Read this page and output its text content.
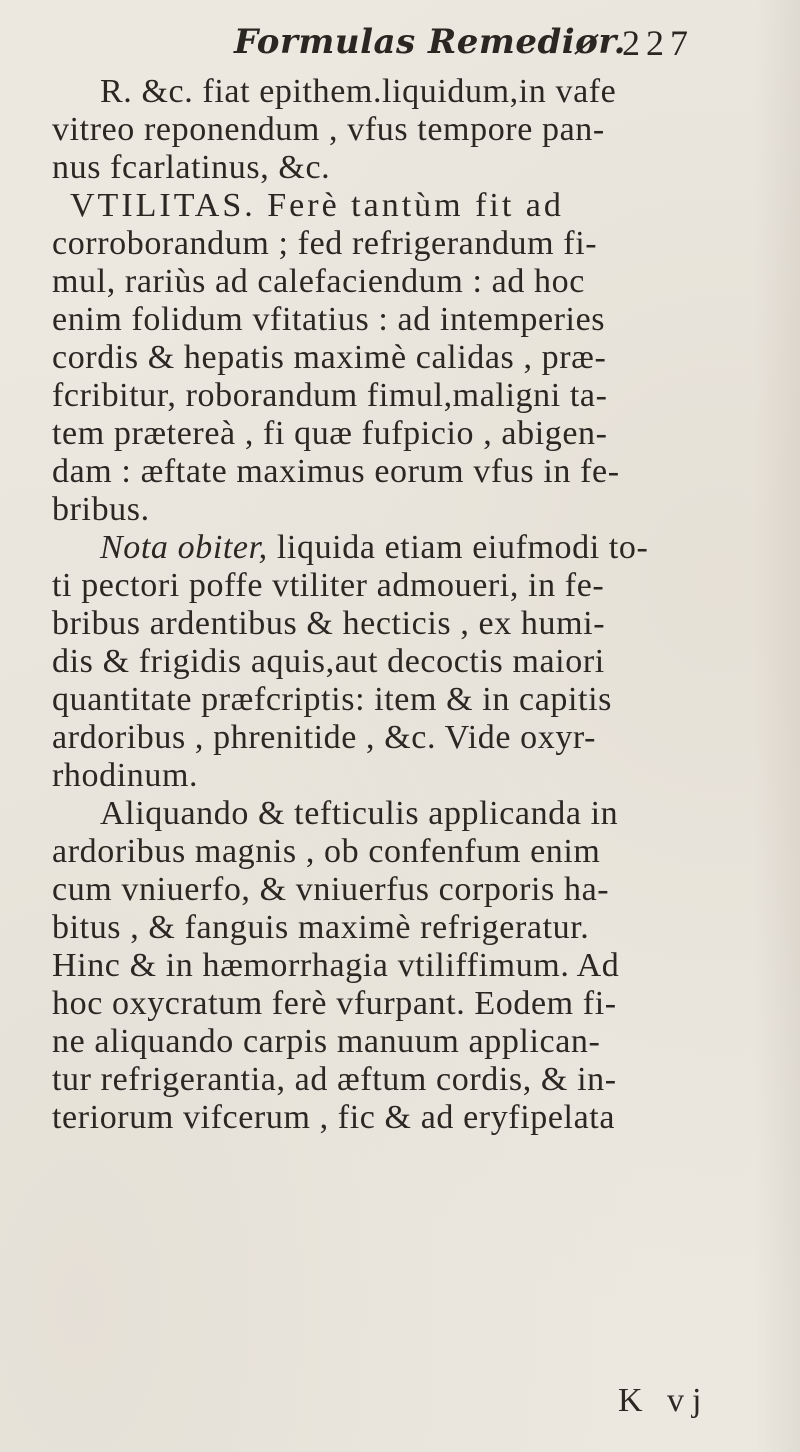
Formulas Remediør.
227
R. &c. fiat epithem.liquidum,in vafe
vitreo reponendum , vfus tempore pan-
nus fcarlatinus, &c.
VTILITAS. Ferè tantùm fit ad
corroborandum ; fed refrigerandum fi-
mul, rariùs ad calefaciendum : ad hoc
enim folidum vfitatius : ad intemperies
cordis & hepatis maximè calidas , præ-
fcribitur, roborandum fimul,maligni ta-
tem prætereà , fi quæ fufpicio , abigen-
dam : æftate maximus eorum vfus in fe-
bribus.
Nota obiter, liquida etiam eiufmodi to-
ti pectori poffe vtiliter admoueri, in fe-
bribus ardentibus & hecticis , ex humi-
dis & frigidis aquis,aut decoctis maiori
quantitate præfcriptis: item & in capitis
ardoribus , phrenitide , &c. Vide oxyr-
rhodinum.
Aliquando & tefticulis applicanda in
ardoribus magnis , ob confenfum enim
cum vniuerfo, & vniuerfus corporis ha-
bitus , & fanguis maximè refrigeratur.
Hinc & in hæmorrhagia vtiliffimum. Ad
hoc oxycratum ferè vfurpant. Eodem fi-
ne aliquando carpis manuum applican-
tur refrigerantia, ad æftum cordis, & in-
teriorum vifcerum , fic & ad eryfipelata
K vj
